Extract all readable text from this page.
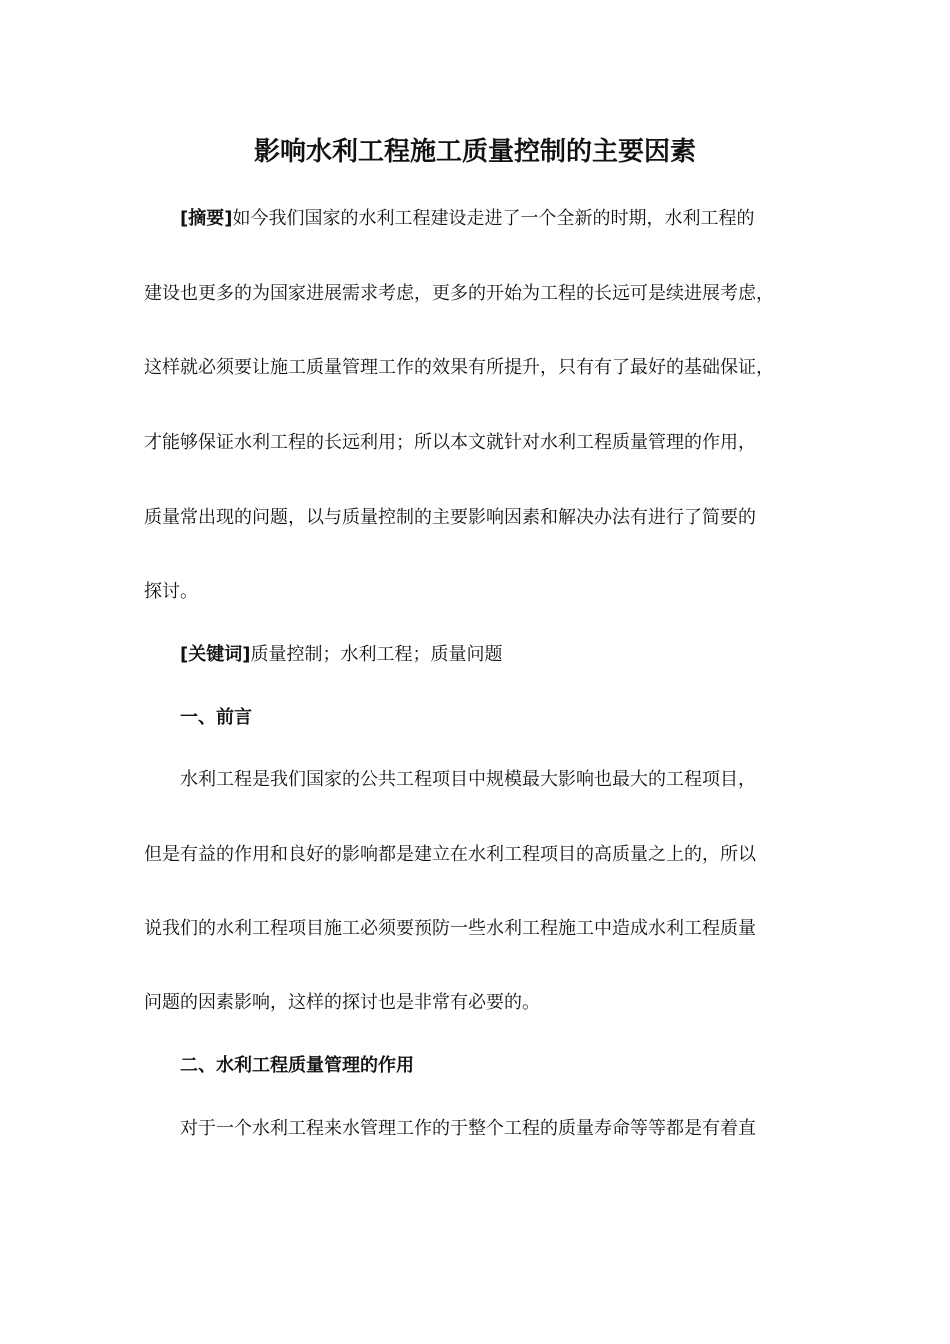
影响水利工程施工质量控制的主要因素
[摘要]如今我们国家的水利工程建设走进了一个全新的时期，水利工程的
建设也更多的为国家进展需求考虑，更多的开始为工程的长远可是续进展考虑，
这样就必须要让施工质量管理工作的效果有所提升，只有有了最好的基础保证，
才能够保证水利工程的长远利用；所以本文就针对水利工程质量管理的作用，
质量常出现的问题，以与质量控制的主要影响因素和解决办法有进行了简要的
探讨。
[关键词]质量控制；水利工程；质量问题
一、前言
水利工程是我们国家的公共工程项目中规模最大影响也最大的工程项目，
但是有益的作用和良好的影响都是建立在水利工程项目的高质量之上的，所以
说我们的水利工程项目施工必须要预防一些水利工程施工中造成水利工程质量
问题的因素影响，这样的探讨也是非常有必要的。
二、水利工程质量管理的作用
对于一个水利工程来水管理工作的于整个工程的质量寿命等等都是有着直
